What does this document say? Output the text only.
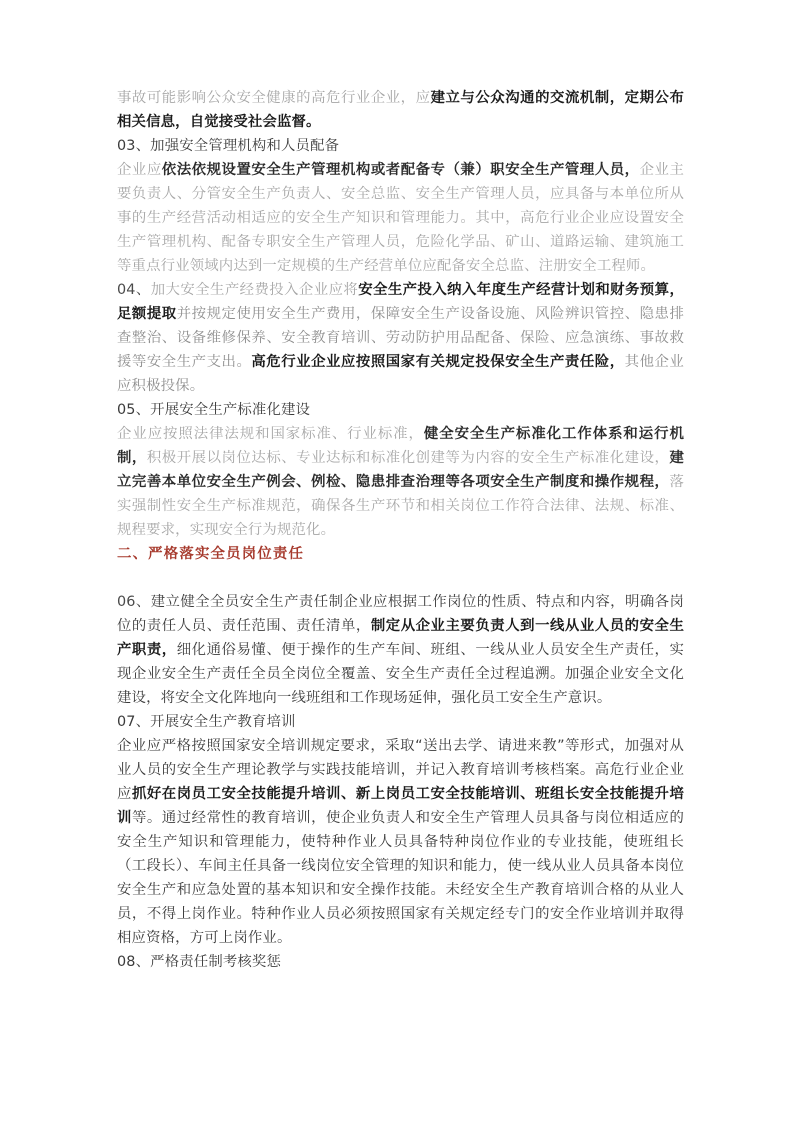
事故可能影响公众安全健康的高危行业企业，应建立与公众沟通的交流机制，定期公布相关信息，自觉接受社会监督。

03、加强安全管理机构和人员配备

企业应依法依规设置安全生产管理机构或者配备专（兼）职安全生产管理人员，企业主要负责人、分管安全生产负责人、安全总监、安全生产管理人员，应具备与本单位所从事的生产经营活动相适应的安全生产知识和管理能力。其中，高危行业企业应设置安全生产管理机构、配备专职安全生产管理人员，危险化学品、矿山、道路运输、建筑施工等重点行业领域内达到一定规模的生产经营单位应配备安全总监、注册安全工程师。

04、加大安全生产经费投入企业应将安全生产投入纳入年度生产经营计划和财务预算，足额提取并按规定使用安全生产费用，保障安全生产设备设施、风险辨识管控、隐患排查整治、设备维修保养、安全教育培训、劳动防护用品配备、保险、应急演练、事故救援等安全生产支出。高危行业企业应按照国家有关规定投保安全生产责任险，其他企业应积极投保。

05、开展安全生产标准化建设

企业应按照法律法规和国家标准、行业标准，健全安全生产标准化工作体系和运行机制，积极开展以岗位达标、专业达标和标准化创建等为内容的安全生产标准化建设，建立完善本单位安全生产例会、例检、隐患排查治理等各项安全生产制度和操作规程，落实强制性安全生产标准规范，确保各生产环节和相关岗位工作符合法律、法规、标准、规程要求，实现安全行为规范化。

二、严格落实全员岗位责任

06、建立健全全员安全生产责任制企业应根据工作岗位的性质、特点和内容，明确各岗位的责任人员、责任范围、责任清单，制定从企业主要负责人到一线从业人员的安全生产职责，细化通俗易懂、便于操作的生产车间、班组、一线从业人员安全生产责任，实现企业安全生产责任全员全岗位全覆盖、安全生产责任全过程追溯。加强企业安全文化建设，将安全文化阵地向一线班组和工作现场延伸，强化员工安全生产意识。

07、开展安全生产教育培训

企业应严格按照国家安全培训规定要求，采取“送出去学、请进来教”等形式，加强对从业人员的安全生产理论教学与实践技能培训，并记入教育培训考核档案。高危行业企业应抓好在岗员工安全技能提升培训、新上岗员工安全技能培训、班组长安全技能提升培训等。通过经常性的教育培训，使企业负责人和安全生产管理人员具备与岗位相适应的安全生产知识和管理能力，使特种作业人员具备特种岗位作业的专业技能，使班组长（工段长）、车间主任具备一线岗位安全管理的知识和能力，使一线从业人员具备本岗位安全生产和应急处置的基本知识和安全操作技能。未经安全生产教育培训合格的从业人员，不得上岗作业。特种作业人员必须按照国家有关规定经专门的安全作业培训并取得相应资格，方可上岗作业。

08、严格责任制考核奖惩
